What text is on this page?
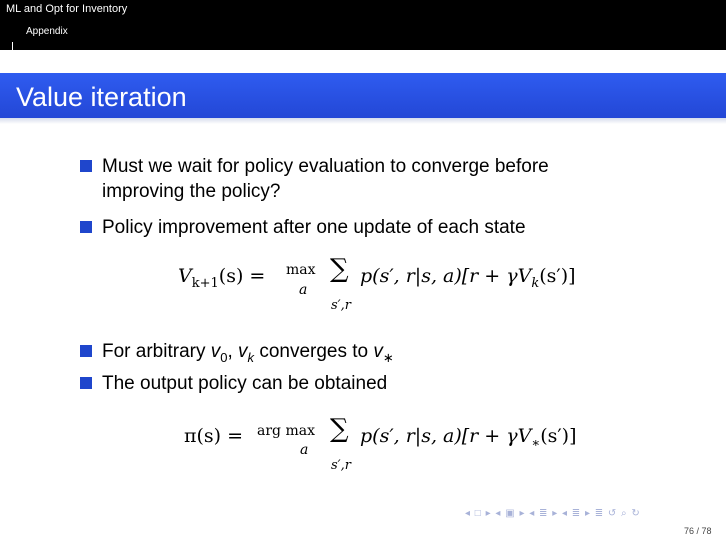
ML and Opt for Inventory
Appendix
Value iteration
Must we wait for policy evaluation to converge before
improving the policy?
Policy improvement after one update of each state
$V_{k+1}(s) = \max$
a
∑
s′,r
p(s′, r|s, $a)[r + \gamma V_k(s')]$
For arbitrary $v_0$, $v_k$ converges to $v_∗$
The output policy can be obtained
π(s) = arg max
a
∑
s′,r
p(s′, r|s, $a)[r + \gamma V_∗(s')]$
◂ □ ▸ ◂ ▣ ▸ ◂ ≣ ▸ ◂ ≣ ▸ ≣ ↺ ⌕ ↻
76 / 78
